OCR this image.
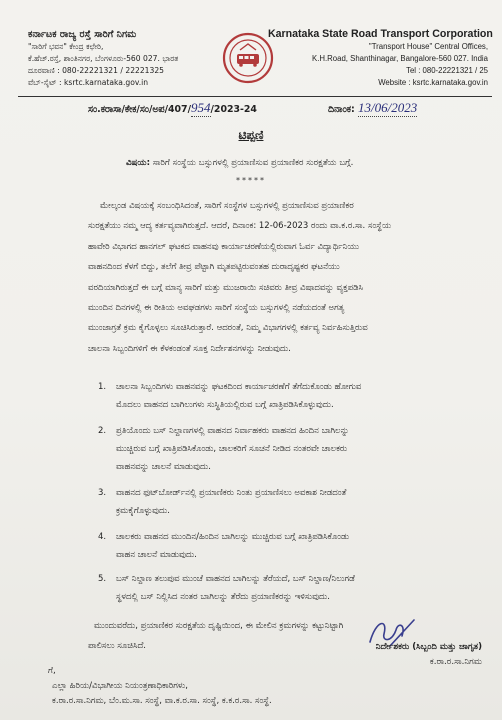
ಕರ್ನಾಟಕ ರಾಜ್ಯ ರಸ್ತೆ ಸಾರಿಗೆ ನಿಗಮ
"ಸಾರಿಗೆ ಭವನ" ಕೇಂದ್ರ ಕಛೇರಿ,
ಕೆ.ಹೆಚ್.ರಸ್ತೆ, ಶಾಂತಿನಗರ, ಬೆಂಗಳೂರು-560 027. ಭಾರತ
ದೂರವಾಣಿ : 080-22221321 / 22221325
ವೆಬ್-ಸೈಟ್ : ksrtc.karnataka.gov.in
Karnataka State Road Transport Corporation
"Transport House" Central Offices,
K.H.Road, Shanthinagar, Bangalore-560 027. India
Tel : 080-22221321 / 25
Website : ksrtc.karnataka.gov.in
ಸಂ.ಕರಾಸಾ/ಕೇಕ/ಸಂ/ಅಪ/407/954/2023-24	ದಿನಾಂಕ: 13/06/2023
ಟಿಪ್ಪಣಿ
ವಿಷಯ: ಸಾರಿಗೆ ಸಂಸ್ಥೆಯ ಬಸ್ಸುಗಳಲ್ಲಿ ಪ್ರಯಾಣಿಸುವ ಪ್ರಯಾಣಿಕರ ಸುರಕ್ಷತೆಯ ಬಗ್ಗೆ.
*****
ಮೇಲ್ಕಂಡ ವಿಷಯಕ್ಕೆ ಸಂಬಂಧಿಸಿದಂತೆ, ಸಾರಿಗೆ ಸಂಸ್ಥೆಗಳ ಬಸ್ಸುಗಳಲ್ಲಿ ಪ್ರಯಾಣಿಸುವ ಪ್ರಯಾಣಿಕರ
ಸುರಕ್ಷತೆಯು ನಮ್ಮ ಆದ್ಯ ಕರ್ತವ್ಯವಾಗಿರುತ್ತದೆ. ಆದರೆ, ದಿನಾಂಕ: 12-06-2023 ರಂದು ವಾ.ಕ.ರ.ಸಾ. ಸಂಸ್ಥೆಯ
ಹಾವೇರಿ ವಿಭಾಗದ ಹಾನಗಲ್ ಘಟಕದ ವಾಹನವು ಕಾರ್ಯಾಚರಣೆಯಲ್ಲಿರುವಾಗ ಓರ್ವ ವಿದ್ಯಾರ್ಥಿನಿಯು
ವಾಹನದಿಂದ ಕೆಳಗೆ ಬಿದ್ದು, ತಲೆಗೆ ತೀವ್ರ ಪೆಟ್ಟಾಗಿ ಮೃತಪಟ್ಟಿರುವಂತಹ ದುರಾದೃಷ್ಟಕರ ಘಟನೆಯು
ವರದಿಯಾಗಿರುತ್ತದೆ ಈ ಬಗ್ಗೆ ಮಾನ್ಯ ಸಾರಿಗೆ ಮತ್ತು ಮುಜರಾಯಿ ಸಚಿವರು ತೀವ್ರ ವಿಷಾದವನ್ನು ವ್ಯಕ್ತಪಡಿಸಿ
ಮುಂದಿನ ದಿನಗಳಲ್ಲಿ ಈ ರೀತಿಯ ಅವಘಡಗಳು ಸಾರಿಗೆ ಸಂಸ್ಥೆಯ ಬಸ್ಸುಗಳಲ್ಲಿ ನಡೆಯದಂತೆ ಅಗತ್ಯ
ಮುಂಜಾಗ್ರತೆ ಕ್ರಮ ಕೈಗೊಳ್ಳಲು ಸೂಚಿಸಿರುತ್ತಾರೆ. ಆದರಂತೆ, ನಿಮ್ಮ ವಿಭಾಗಗಳಲ್ಲಿ ಕರ್ತವ್ಯ ನಿರ್ವಹಿಸುತ್ತಿರುವ
ಚಾಲನಾ ಸಿಬ್ಬಂದಿಗಳಿಗೆ ಈ ಕೆಳಕಂಡಂತೆ ಸೂಕ್ತ ನಿರ್ದೇಶನಗಳನ್ನು ನೀಡುವುದು.
1. ಚಾಲನಾ ಸಿಬ್ಬಂದಿಗಳು ವಾಹನವನ್ನು ಘಟಕದಿಂದ ಕಾರ್ಯಾಚರಣೆಗೆ ತೆಗೆದುಕೊಂಡು ಹೋಗುವ
ಮೊದಲು ವಾಹನದ ಬಾಗಿಲುಗಳು ಸುಸ್ಥಿತಿಯಲ್ಲಿರುವ ಬಗ್ಗೆ ಖಾತ್ರಿಪಡಿಸಿಕೊಳ್ಳುವುದು.
2. ಪ್ರತಿಯೊಂದು ಬಸ್ ನಿಲ್ದಾಣಗಳಲ್ಲಿ ವಾಹನದ ನಿರ್ವಾಹಕರು ವಾಹನದ ಹಿಂದಿನ ಬಾಗಿಲನ್ನು
ಮುಚ್ಚಿರುವ ಬಗ್ಗೆ ಖಾತ್ರಿಪಡಿಸಿಕೊಂಡು, ಚಾಲಕರಿಗೆ ಸೂಚನೆ ನೀಡಿದ ನಂತರವೇ ಚಾಲಕರು
ವಾಹನವನ್ನು ಚಾಲನೆ ಮಾಡುವುದು.
3. ವಾಹನದ ಫುಟ್‌ಬೋರ್ಡ್‌ನಲ್ಲಿ ಪ್ರಯಾಣಿಕರು ನಿಂತು ಪ್ರಯಾಣಿಸಲು ಅವಕಾಶ ನೀಡದಂತೆ
ಕ್ರಮಕೈಗೊಳ್ಳುವುದು.
4. ಚಾಲಕರು ವಾಹನದ ಮುಂದಿನ/ಹಿಂದಿನ ಬಾಗಿಲನ್ನು ಮುಚ್ಚಿರುವ ಬಗ್ಗೆ ಖಾತ್ರಿಪಡಿಸಿಕೊಂಡು
ವಾಹನ ಚಾಲನೆ ಮಾಡುವುದು.
5. ಬಸ್ ನಿಲ್ದಾಣ ತಲುಪುವ ಮುಂಚೆ ವಾಹನದ ಬಾಗಿಲನ್ನು ತೆರೆಯದೆ, ಬಸ್ ನಿಲ್ದಾಣ/ನಿಲುಗಡೆ
ಸ್ಥಳದಲ್ಲಿ ಬಸ್ ನಿಲ್ಲಿಸಿದ ನಂತರ ಬಾಗಿಲನ್ನು ತೆರೆದು ಪ್ರಯಾಣಿಕರನ್ನು ಇಳಿಸುವುದು.
ಮುಂದುವರೆದು, ಪ್ರಯಾಣಿಕರ ಸುರಕ್ಷತೆಯ ದೃಷ್ಟಿಯಿಂದ, ಈ ಮೇಲಿನ ಕ್ರಮಗಳನ್ನು ಕಟ್ಟುನಿಟ್ಟಾಗಿ
ಪಾಲಿಸಲು ಸೂಚಿಸಿದೆ.	ನಿರ್ದೇಶಕರು (ಸಿಬ್ಬಂದಿ ಮತ್ತು ಜಾಗೃತ)
ಕ.ರಾ.ರ.ಸಾ.ನಿಗಮ
ಗೆ,
ಎಲ್ಲಾ ಹಿರಿಯ/ವಿಭಾಗೀಯ ನಿಯಂತ್ರಣಾಧಿಕಾರಿಗಳು,
ಕ.ರಾ.ರ.ಸಾ.ನಿಗಮ, ಬೆಂ.ಮ.ಸಾ. ಸಂಸ್ಥೆ, ವಾ.ಕ.ರ.ಸಾ. ಸಂಸ್ಥೆ, ಕ.ಕ.ರ.ಸಾ. ಸಂಸ್ಥೆ.
